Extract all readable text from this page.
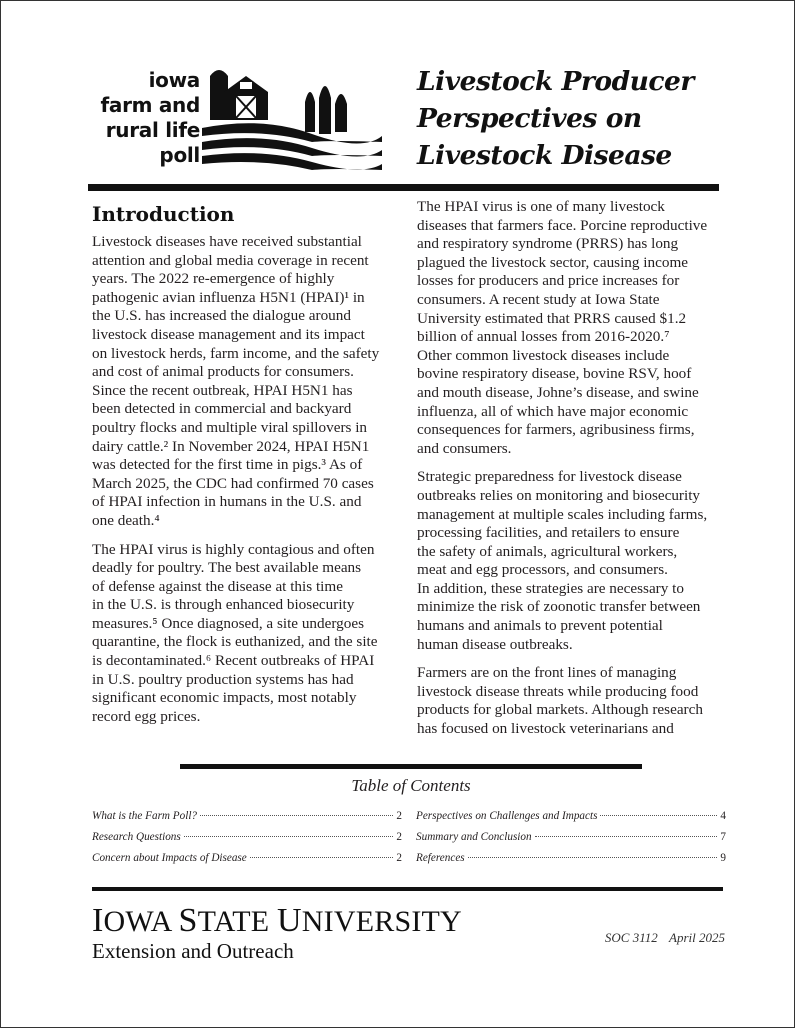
iowa
farm and
rural life
poll
Livestock Producer
Perspectives on
Livestock Disease
Introduction

Livestock diseases have received substantial
attention and global media coverage in recent
years. The 2022 re-emergence of highly
pathogenic avian influenza H5N1 (HPAI)¹ in
the U.S. has increased the dialogue around
livestock disease management and its impact
on livestock herds, farm income, and the safety
and cost of animal products for consumers.
Since the recent outbreak, HPAI H5N1 has
been detected in commercial and backyard
poultry flocks and multiple viral spillovers in
dairy cattle.² In November 2024, HPAI H5N1
was detected for the first time in pigs.³ As of
March 2025, the CDC had confirmed 70 cases
of HPAI infection in humans in the U.S. and
one death.⁴

The HPAI virus is highly contagious and often
deadly for poultry. The best available means
of defense against the disease at this time
in the U.S. is through enhanced biosecurity
measures.⁵ Once diagnosed, a site undergoes
quarantine, the flock is euthanized, and the site
is decontaminated.⁶ Recent outbreaks of HPAI
in U.S. poultry production systems has had
significant economic impacts, most notably
record egg prices.

The HPAI virus is one of many livestock
diseases that farmers face. Porcine reproductive
and respiratory syndrome (PRRS) has long
plagued the livestock sector, causing income
losses for producers and price increases for
consumers. A recent study at Iowa State
University estimated that PRRS caused $1.2
billion of annual losses from 2016-2020.⁷
Other common livestock diseases include
bovine respiratory disease, bovine RSV, hoof
and mouth disease, Johne’s disease, and swine
influenza, all of which have major economic
consequences for farmers, agribusiness firms,
and consumers.

Strategic preparedness for livestock disease
outbreaks relies on monitoring and biosecurity
management at multiple scales including farms,
processing facilities, and retailers to ensure
the safety of animals, agricultural workers,
meat and egg processors, and consumers.
In addition, these strategies are necessary to
minimize the risk of zoonotic transfer between
humans and animals to prevent potential
human disease outbreaks.

Farmers are on the front lines of managing
livestock disease threats while producing food
products for global markets. Although research
has focused on livestock veterinarians and

Table of Contents
What is the Farm Poll?	2
Research Questions	2
Concern about Impacts of Disease	2
Perspectives on Challenges and Impacts	4
Summary and Conclusion	7
References	9
IOWA STATE UNIVERSITY
Extension and Outreach
SOC 3112 April 2025
